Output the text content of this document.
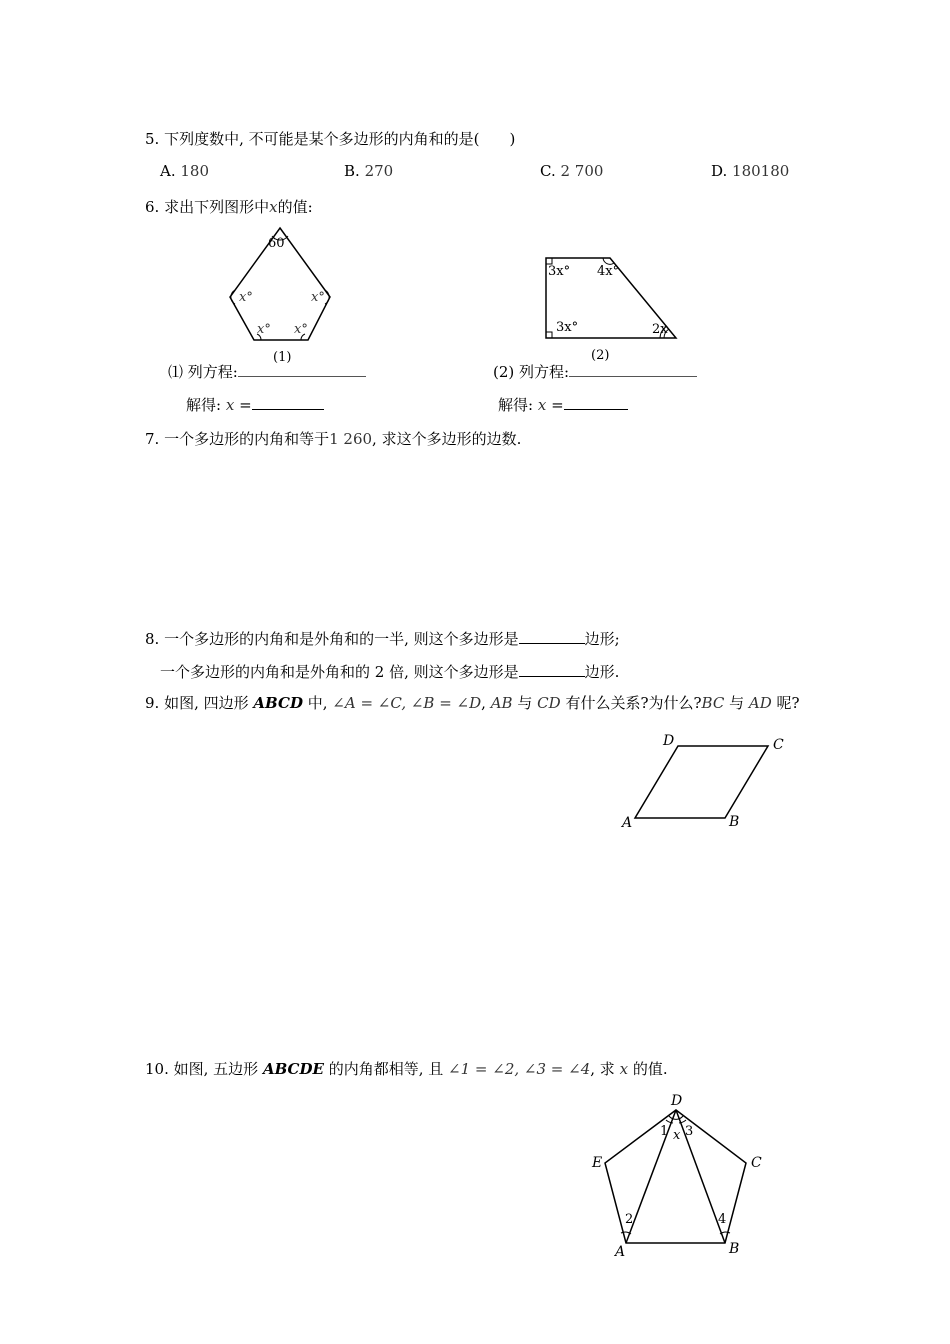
5. 下列度数中, 不可能是某个多边形的内角和的是(　　)
A. 180	B. 270	C. 2 700	D. 180180
6. 求出下列图形中x的值:
60
x°	x°
x° x°
(1)
3x° 4x°
3x°	2x
(2)
⑴ 列方程:
解得: x =
(2) 列方程:
解得: x =
7. 一个多边形的内角和等于1 260, 求这个多边形的边数.
8. 一个多边形的内角和是外角和的一半, 则这个多边形是	边形;
一个多边形的内角和是外角和的 2 倍, 则这个多边形是	边形.
9. 如图, 四边形 ABCD 中, ∠A = ∠C, ∠B = ∠D, AB 与 CD 有什么关系?为什么?BC 与 AD 呢?
D	C
A	B
10. 如图, 五边形 ABCDE 的内角都相等, 且 ∠1 = ∠2, ∠3 = ∠4, 求 x 的值.
D
E	C
A	B
1 x 3
2	4
